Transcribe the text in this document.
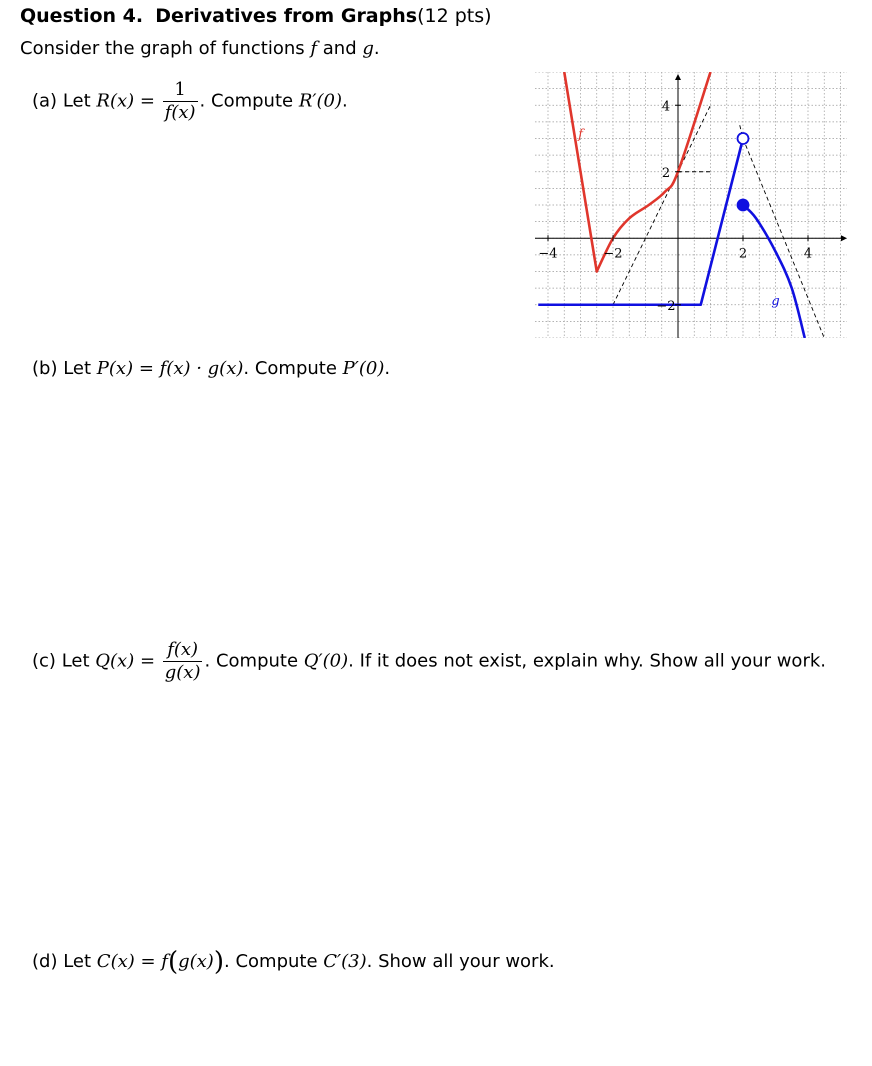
Question 4. Derivatives from Graphs(12 pts)
Consider the graph of functions f and g.
(a) Let $R(x) = \frac{1}{f(x)}$ . Compute R′(0).
(b) Let P(x) = f(x) · g(x). Compute P′(0).
(c) Let $Q(x) = \frac{f(x)}{g(x)}$ . Compute Q′(0). If it does not exist, explain why. Show all your work.
(d) Let C(x) = f(g(x)). Compute C′(3). Show all your work.
−4	−2	2	4
−2
2
4
f
g
